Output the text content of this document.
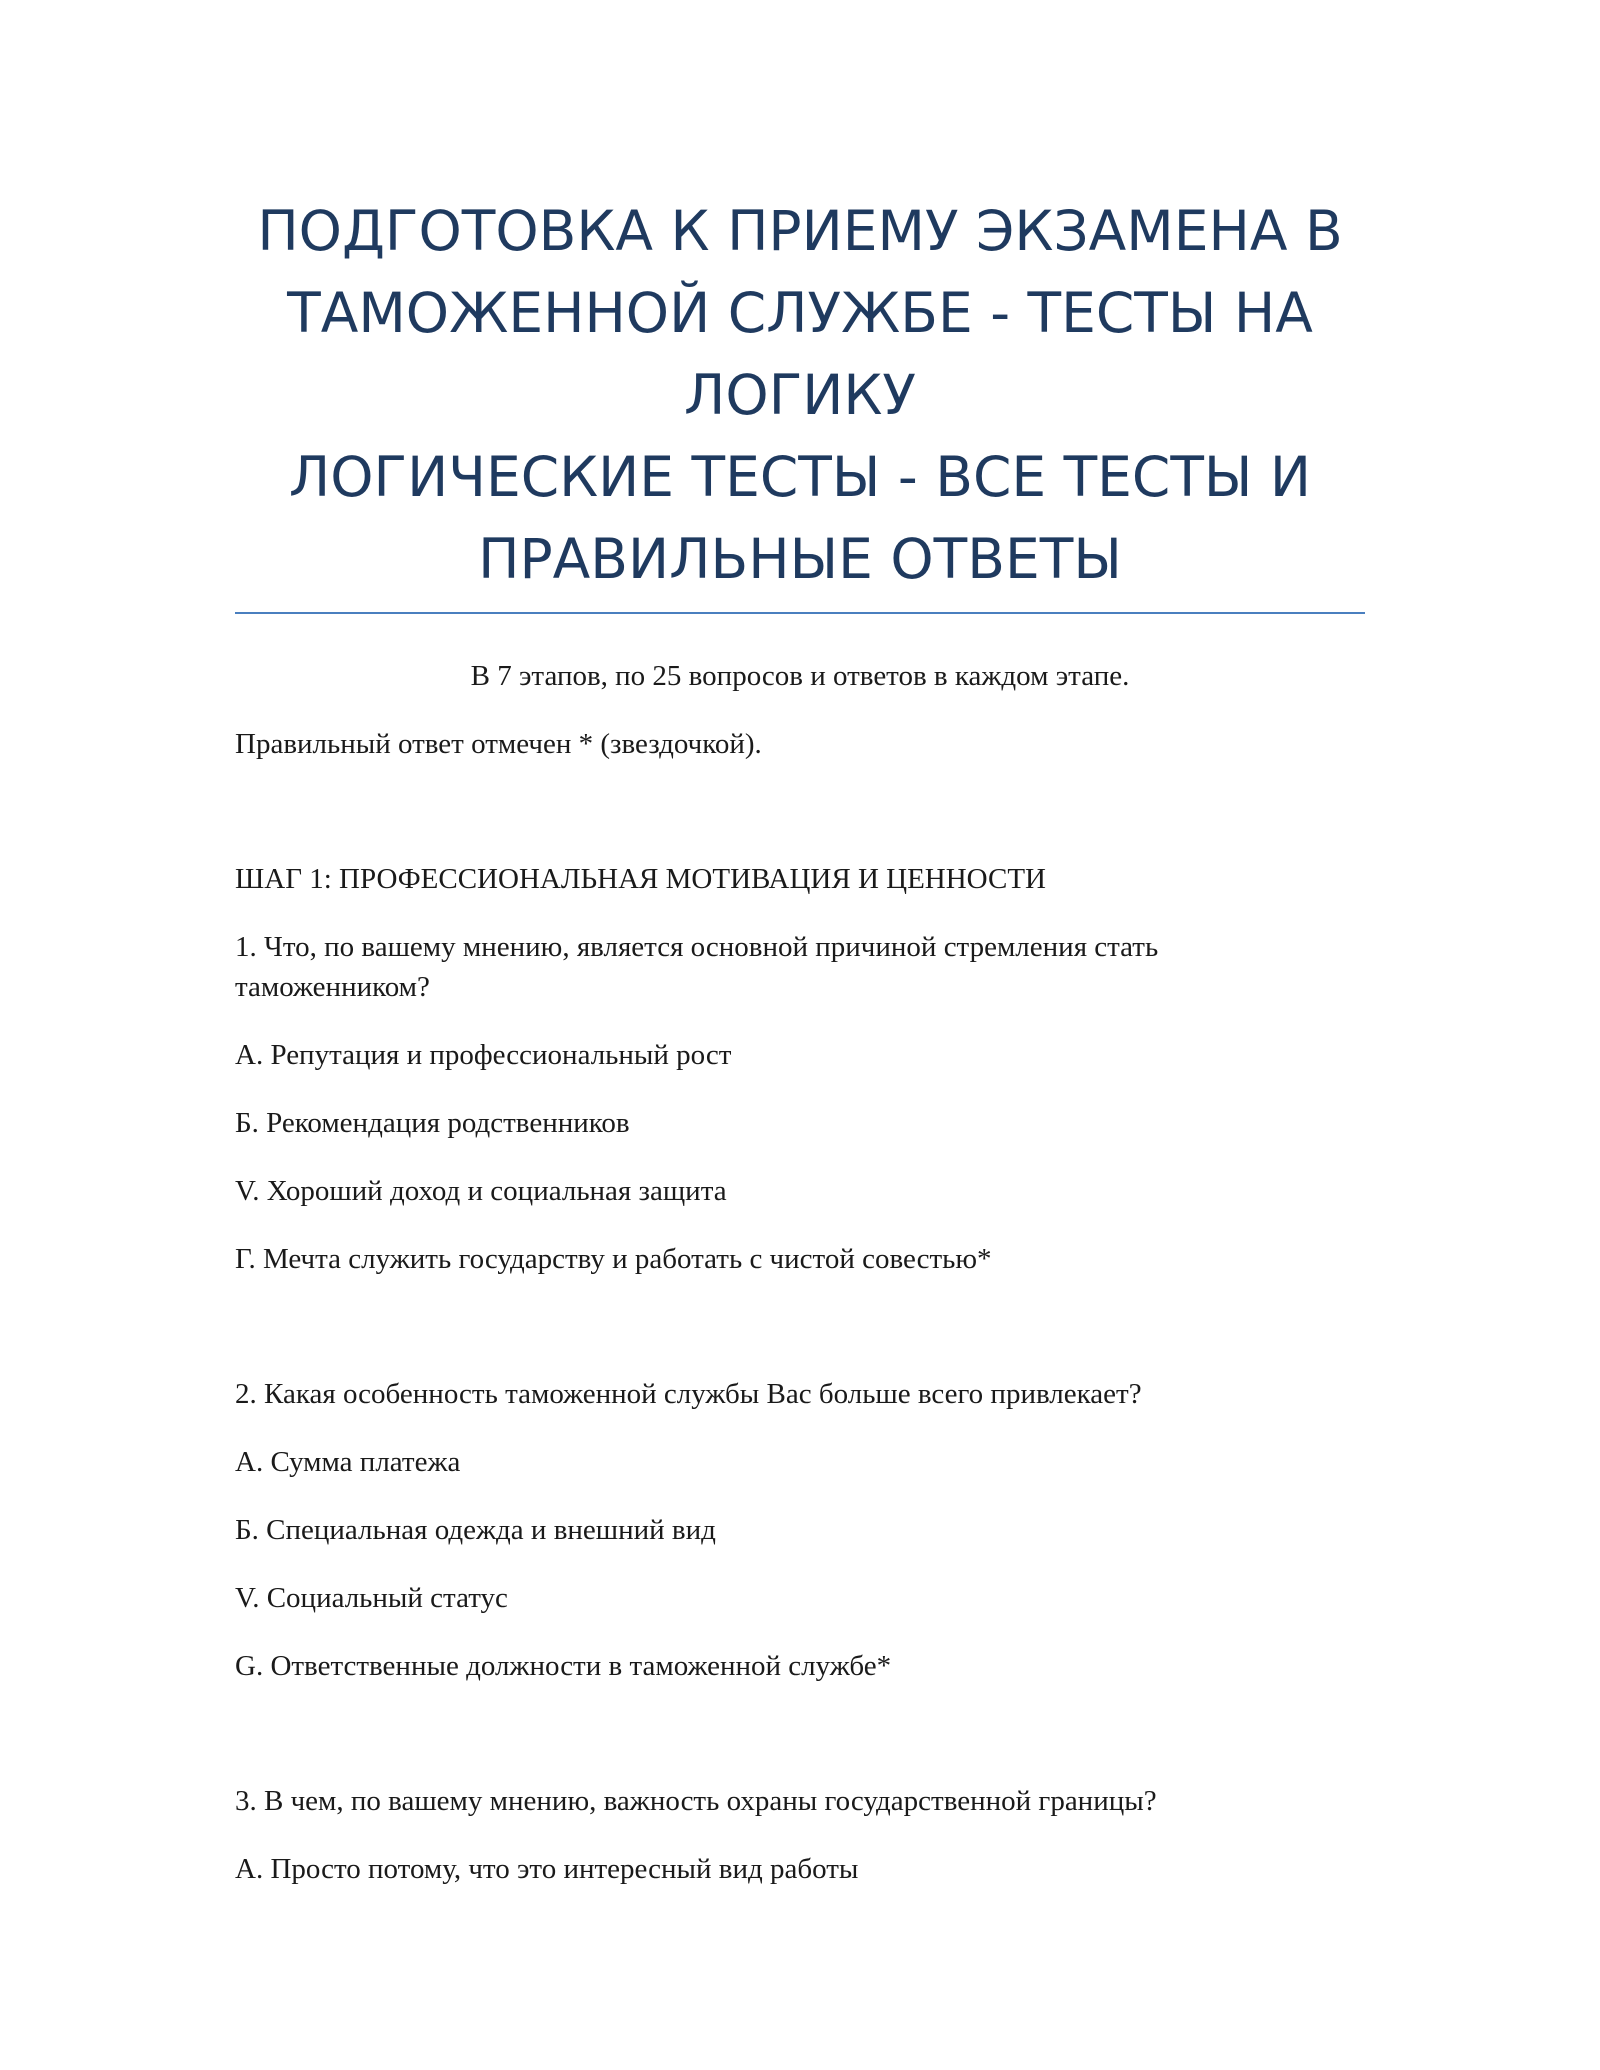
ПОДГОТОВКА К ПРИЕМУ ЭКЗАМЕНА В
ТАМОЖЕННОЙ СЛУЖБЕ - ТЕСТЫ НА
ЛОГИКУ
ЛОГИЧЕСКИЕ ТЕСТЫ - ВСЕ ТЕСТЫ И
ПРАВИЛЬНЫЕ ОТВЕТЫ
В 7 этапов, по 25 вопросов и ответов в каждом этапе.
Правильный ответ отмечен * (звездочкой).
ШАГ 1: ПРОФЕССИОНАЛЬНАЯ МОТИВАЦИЯ И ЦЕННОСТИ
1. Что, по вашему мнению, является основной причиной стремления стать таможенником?
A. Репутация и профессиональный рост
Б. Рекомендация родственников
V. Хороший доход и социальная защита
Г. Мечта служить государству и работать с чистой совестью*
2. Какая особенность таможенной службы Вас больше всего привлекает?
A. Сумма платежа
Б. Специальная одежда и внешний вид
V. Социальный статус
G. Ответственные должности в таможенной службе*
3. В чем, по вашему мнению, важность охраны государственной границы?
A. Просто потому, что это интересный вид работы
